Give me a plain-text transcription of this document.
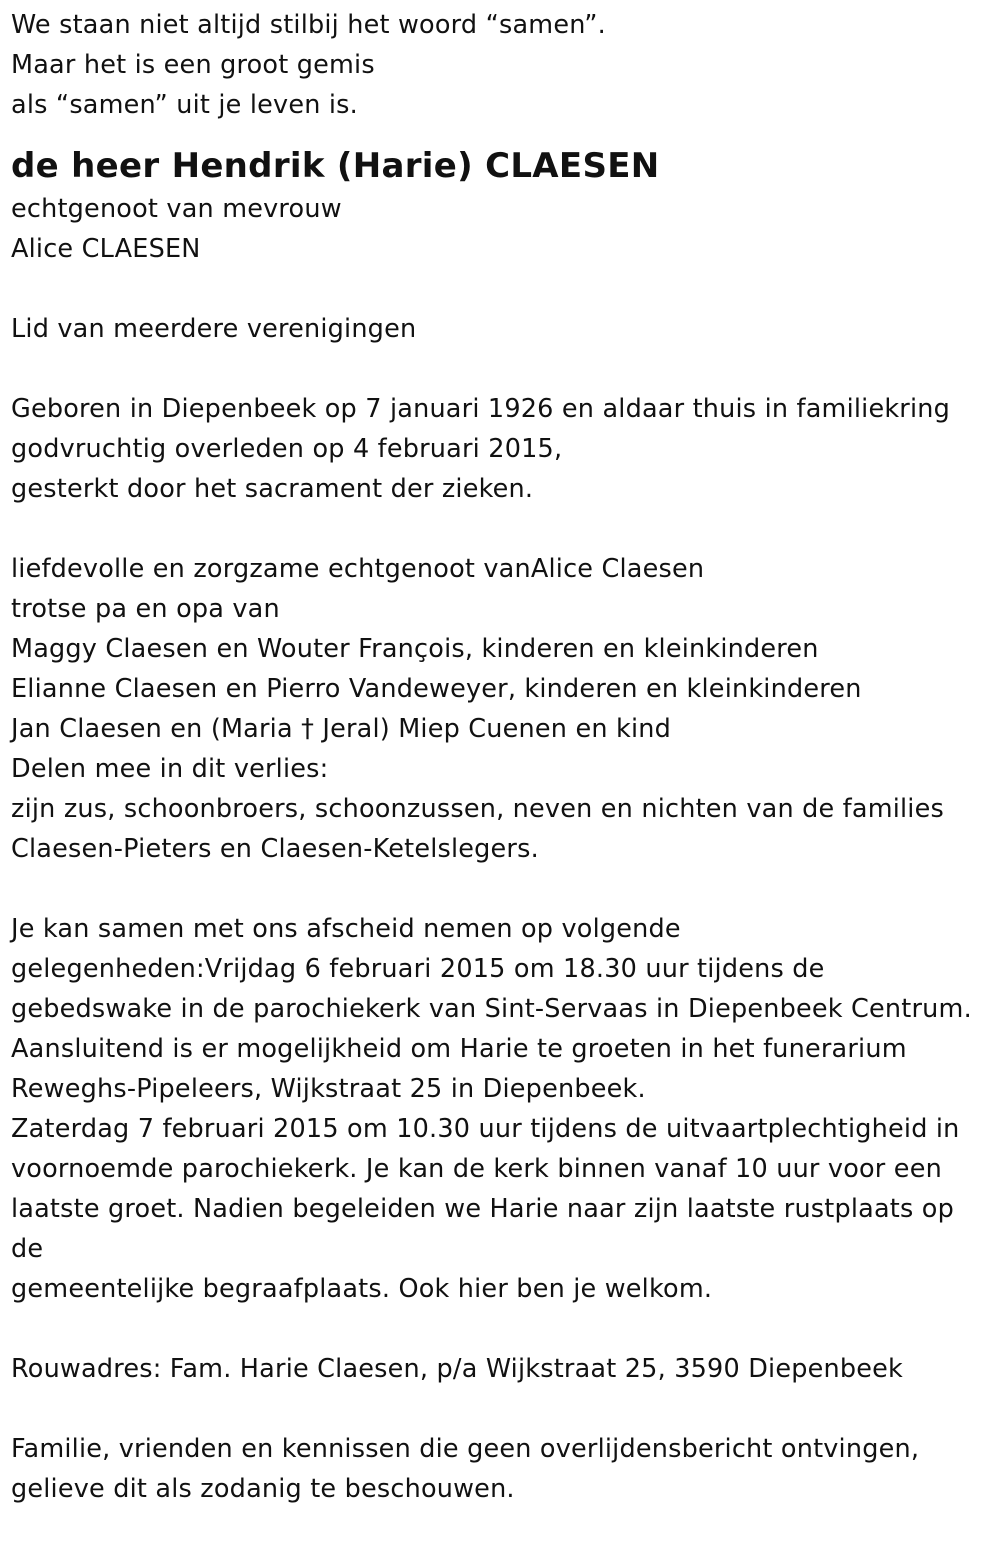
We staan niet altijd stilbij het woord “samen”.
Maar het is een groot gemis
als “samen” uit je leven is.
de heer Hendrik (Harie) CLAESEN
echtgenoot van mevrouw
Alice CLAESEN
Lid van meerdere verenigingen
Geboren in Diepenbeek op 7 januari 1926 en aldaar thuis in familiekring
godvruchtig overleden op 4 februari 2015,
gesterkt door het sacrament der zieken.
liefdevolle en zorgzame echtgenoot vanAlice Claesen
trotse pa en opa van
Maggy Claesen en Wouter François, kinderen en kleinkinderen
Elianne Claesen en Pierro Vandeweyer, kinderen en kleinkinderen
Jan Claesen en (Maria † Jeral) Miep Cuenen en kind
Delen mee in dit verlies:
zijn zus, schoonbroers, schoonzussen, neven en nichten van de families
Claesen-Pieters en Claesen-Ketelslegers.
Je kan samen met ons afscheid nemen op volgende
gelegenheden:Vrijdag 6 februari 2015 om 18.30 uur tijdens de
gebedswake in de parochiekerk van Sint-Servaas in Diepenbeek Centrum.
Aansluitend is er mogelijkheid om Harie te groeten in het funerarium
Reweghs-Pipeleers, Wijkstraat 25 in Diepenbeek.
Zaterdag 7 februari 2015 om 10.30 uur tijdens de uitvaartplechtigheid in
voornoemde parochiekerk. Je kan de kerk binnen vanaf 10 uur voor een
laatste groet. Nadien begeleiden we Harie naar zijn laatste rustplaats op
de
gemeentelijke begraafplaats. Ook hier ben je welkom.
Rouwadres: Fam. Harie Claesen, p/a Wijkstraat 25, 3590 Diepenbeek
Familie, vrienden en kennissen die geen overlijdensbericht ontvingen,
gelieve dit als zodanig te beschouwen.
